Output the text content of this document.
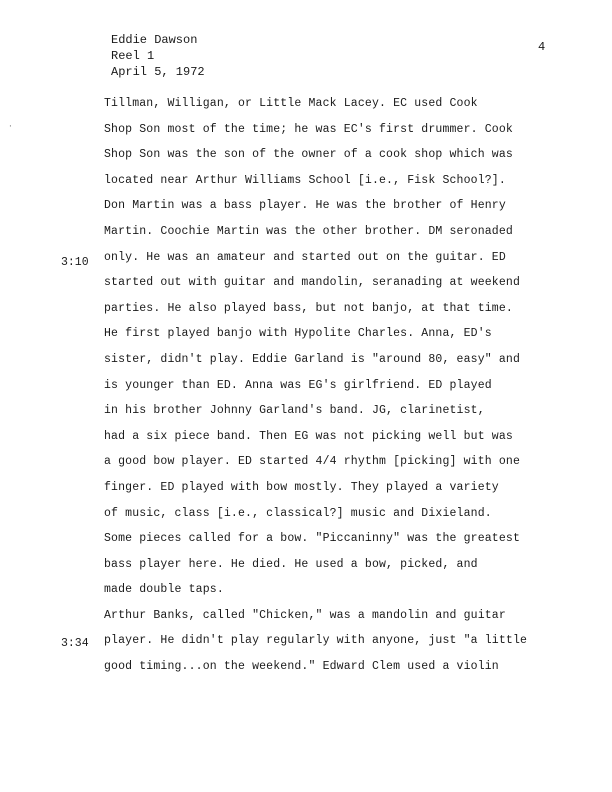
Eddie Dawson
Reel 1
April 5, 1972
4
·
3:10
3:34
Tillman, Willigan, or Little Mack Lacey. EC used Cook
Shop Son most of the time; he was EC's first drummer. Cook
Shop Son was the son of the owner of a cook shop which was
located near Arthur Williams School [i.e., Fisk School?].
Don Martin was a bass player. He was the brother of Henry
Martin. Coochie Martin was the other brother. DM seronaded
only. He was an amateur and started out on the guitar. ED
started out with guitar and mandolin, seranading at weekend
parties. He also played bass, but not banjo, at that time.
He first played banjo with Hypolite Charles. Anna, ED's
sister, didn't play. Eddie Garland is "around 80, easy" and
is younger than ED. Anna was EG's girlfriend. ED played
in his brother Johnny Garland's band. JG, clarinetist,
had a six piece band. Then EG was not picking well but was
a good bow player. ED started 4/4 rhythm [picking] with one
finger. ED played with bow mostly. They played a variety
of music, class [i.e., classical?] music and Dixieland.
Some pieces called for a bow. "Piccaninny" was the greatest
bass player here. He died. He used a bow, picked, and
made double taps.
Arthur Banks, called "Chicken," was a mandolin and guitar
player. He didn't play regularly with anyone, just "a little
good timing...on the weekend." Edward Clem used a violin
